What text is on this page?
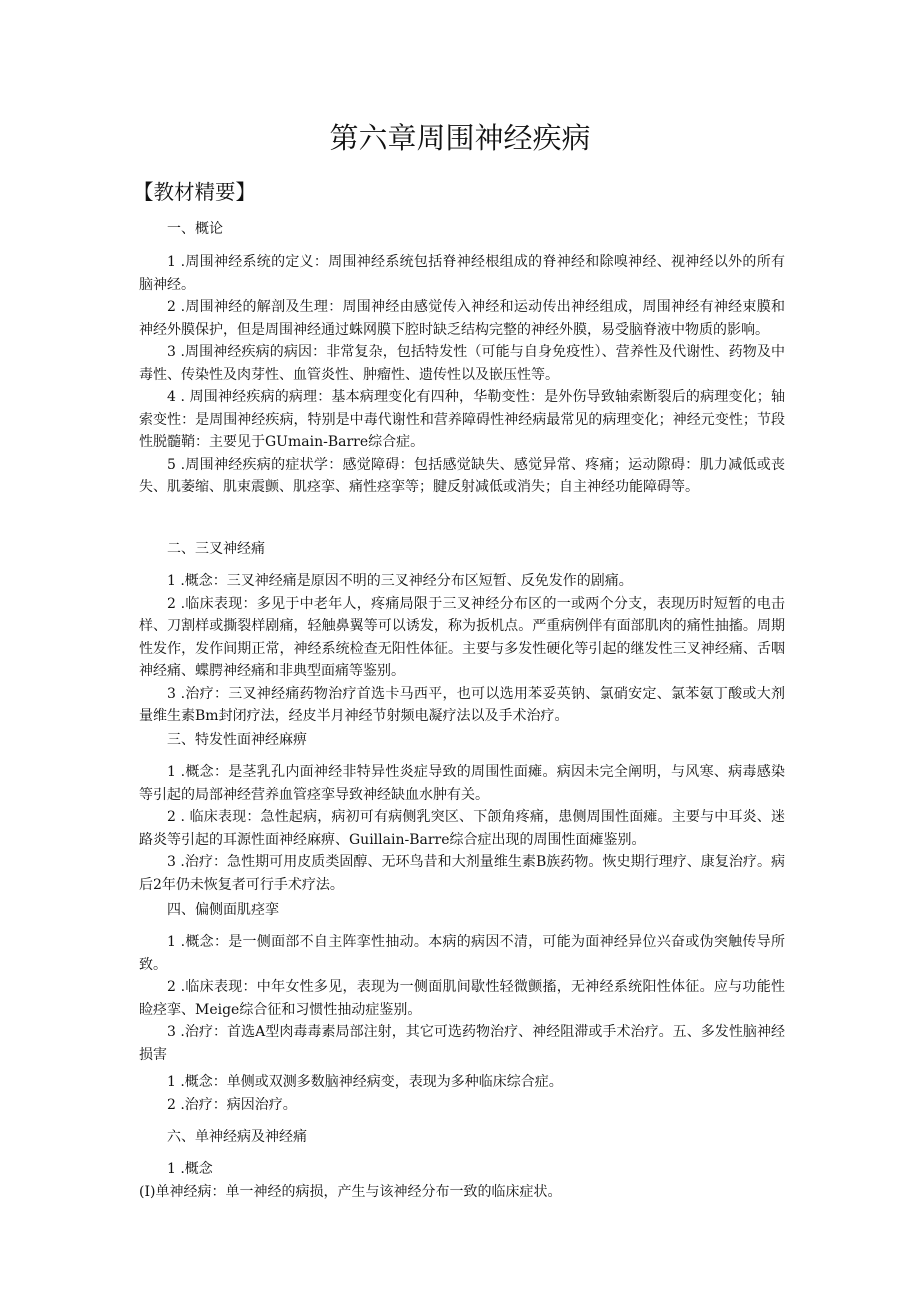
第六章周围神经疾病
【教材精要】
一、概论

1 .周围神经系统的定义：周围神经系统包括脊神经根组成的脊神经和除嗅神经、视神经以外的所有脑神经。

2 .周围神经的解剖及生理：周围神经由感觉传入神经和运动传出神经组成，周围神经有神经束膜和神经外膜保护，但是周围神经通过蛛网膜下腔时缺乏结构完整的神经外膜，易受脑脊液中物质的影响。

3 .周围神经疾病的病因：非常复杂，包括特发性（可能与自身免疫性）、营养性及代谢性、药物及中毒性、传染性及肉芽性、血管炎性、肿瘤性、遗传性以及嵌压性等。

4 . 周围神经疾病的病理：基本病理变化有四种，华勒变性：是外伤导致轴索断裂后的病理变化；轴索变性：是周围神经疾病，特别是中毒代谢性和营养障碍性神经病最常见的病理变化；神经元变性；节段性脱髓鞘：主要见于GUmain-Barre综合症。

5 .周围神经疾病的症状学：感觉障碍：包括感觉缺失、感觉异常、疼痛；运动隙碍：肌力减低或丧失、肌萎缩、肌束震颤、肌痉挛、痛性痉挛等；腱反射减低或消失；自主神经功能障碍等。

二、三叉神经痛

1 .概念：三叉神经痛是原因不明的三叉神经分布区短暂、反免发作的剧痛。

2 .临床表现：多见于中老年人，疼痛局限于三叉神经分布区的一或两个分支，表现历时短暂的电击样、刀割样或撕裂样剧痛，轻触鼻翼等可以诱发，称为扳机点。严重病例伴有面部肌肉的痛性抽搐。周期性发作，发作间期正常，神经系统检查无阳性体征。主要与多发性硬化等引起的继发性三叉神经痛、舌咽神经痛、蝶腭神经痛和非典型面痛等鉴别。

3 .治疗：三叉神经痛药物治疗首选卡马西平，也可以选用苯妥英钠、氯硝安定、氯苯氨丁酸或大剂量维生素Bm封闭疗法，经皮半月神经节射频电凝疗法以及手术治疗。

三、特发性面神经麻痹

1 .概念：是茎乳孔内面神经非特异性炎症导致的周围性面瘫。病因未完全阐明，与风寒、病毒感染等引起的局部神经营养血管痉挛导致神经缺血水肿有关。

2 . 临床表现：急性起病，病初可有病侧乳突区、下颌角疼痛，患侧周围性面瘫。主要与中耳炎、迷路炎等引起的耳源性面神经麻痹、Guillain-Barre综合症出现的周围性面瘫鉴别。

3 .治疗：急性期可用皮质类固醇、无环鸟昔和大剂量维生素B族药物。恢史期行理疗、康复治疗。病后2年仍未恢复者可行手术疗法。

四、偏侧面肌痉挛

1 .概念：是一侧面部不自主阵挛性抽动。本病的病因不清，可能为面神经异位兴奋或伪突触传导所致。

2 .临床表现：中年女性多见，表现为一侧面肌间歇性轻微颤搐，无神经系统阳性体征。应与功能性睑痉挛、Meige综合征和习惯性抽动症鉴别。

3 .治疗：首选A型肉毒毒素局部注射，其它可选药物治疗、神经阻滞或手术治疗。五、多发性脑神经损害

1 .概念：单侧或双测多数脑神经病变，表现为多种临床综合症。

2 .治疗：病因治疗。

六、单神经病及神经痛

1 .概念

(I)单神经病：单一神经的病损，产生与该神经分布一致的临床症状。
